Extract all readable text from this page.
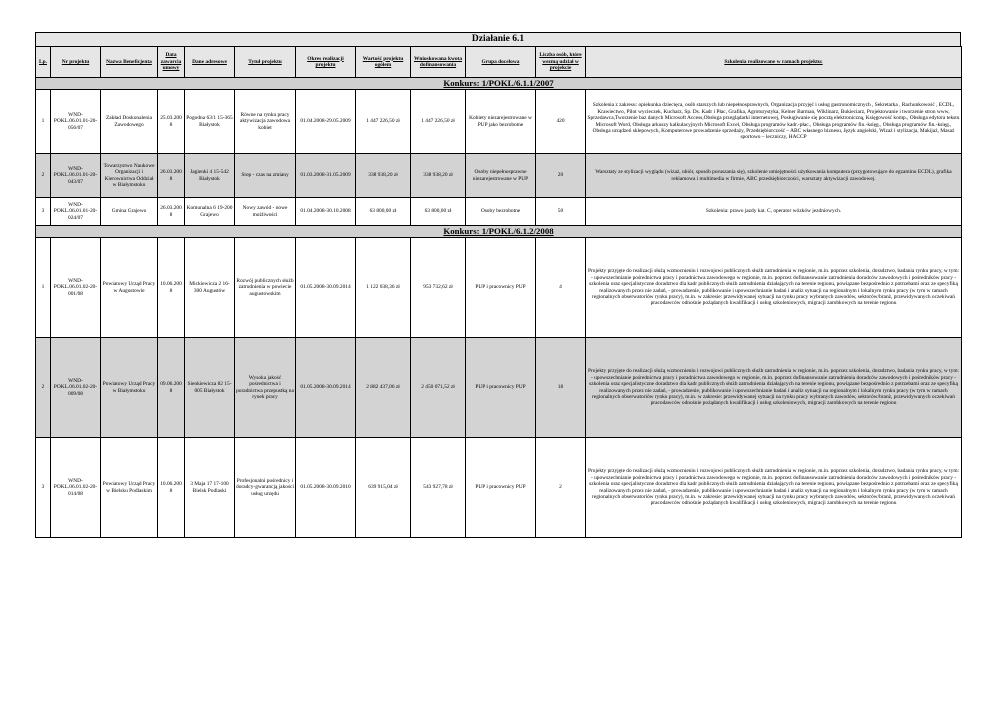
Działanie 6.1
Lp.	Nr projektu	Nazwa Beneficjenta	Data zawarcia umowy	Dane adresowe	Tytuł projektu	Okres realizacji projektu	Wartość projektu ogółem	Wnioskowana kwota dofinansowania	Grupa docelowa	Liczba osób, które wezmą udział w projekcie	Szkolenia realizowane w ramach projektu:
Konkurs: 1/POKL/6.1.1/2007											
1	WND-POKL.06.01.01-20-056/07	Zakład Doskonalenia Zawodowego	25.03.2008	Pogodna 63/1 15-365 Białystok	Równe na rynku pracy aktywizacja zawodowa kobiet	01.04.2008-29.05.2009	1 447 226,50 zł	1 447 226,50 zł	Kobiety niezarejestrowane w PUP jako bezrobotne	420	Szkolenia z zakresu: opiekunka dziecięca, osób starszych lub niepełnosprawnych, Organizacja przyjęć i usług gastronomicznych , Sekretarka , Rachunkowość , ECDL, Krawiectwo, Pilot wycieczek, Kucharz, Sp. Ds. Kadr i Płac, Grafika, Agroturystyka, Kelner Barman, Wiklinarz, Bukieciarz, Projektowanie i tworzenie stron www, Sprzedawca,Tworzenie baz danych Microsoft Access,Obsługa przeglądarki internetowej, Posługiwanie się pocztą elektroniczną, Księgowość komp., Obsługa edytora tekstu Microsoft Word, Obsługa arkuszy kalkulacyjnych Microsoft Excel, Obsługa programów kadr.-płac., Obsługa programów fin.-księg., Obsługa programów fin.-księg., Obsługa urządzeń sklepowych, Komputerowe prowadzenie sprzedaży, Przedsiębiorczość – ABC własnego biznesu, Język angielski, Wizaż i stylizacja, Makijaż, Masaż sportowo – leczniczy, HACCP
2	WND-POKL.06.01.01-20-043/07	Towarzystwo Naukowe Organizacji i Kierownictwa Oddział w Białymstoku	26.03.2008	Jagienki 4 15-542 Białystok	Stop - czas na zmiany	01.03.2008-31.05.2009	338 938,20 zł	338 938,20 zł	Osoby niepełnosprawne niezarejestrowane w PUP	20	Warsztaty ze stylizacji wyglądu (wizaż, ubiór, sposób poruszania się), szkolenie umiejętności użytkowania komputera (przygotowujące do egzaminu ECDL), grafika reklamowa i multimedia w firmie, ABC przedsiębiorczości, warsztaty aktywizacji zawodowej.
3	WND-POKL.06.01.01-20-024/07	Gmina Grajewo	26.03.2008	Komunalna 6 19-200 Grajewo	Nowy zawód - nowe możliwości	01.04.2008-30.10.2008	63 800,00 zł	63 800,00 zł	Osoby bezrobotne	50	Szkolenia: prawo jazdy kat. C, operator wózków jezdniowych.
Konkurs: 1/POKL/6.1.2/2008											
1	WND-POKL.06.01.02-20-001/08	Powiatowy Urząd Pracy w Augustowie	10.06.2008	Mickiewicza 2 16-300 Augustów	Rozwój publicznych służb zatrudnienia w powiecie augustowskim	01.05.2008-30.09.2014	1 122 038,36 zł	953 732,62 zł	PUP i pracownicy PUP	4	Projekty przyjęte do realizacji służą wzmocnieniu i rozwojowi publicznych służb zatrudnienia w regionie, m.in. poprzez szkolenia, doradztwo, badania rynku pracy, w tym: - upowszechnianie pośrednictwa pracy i poradnictwa zawodowego w regionie, m.in. poprzez dofinansowanie zatrudnienia doradców zawodowych i pośredników pracy - szkolenia oraz specjalistyczne doradztwo dla kadr publicznych służb zatrudnienia działających na terenie regionu, powiązane bezpośrednio z potrzebami oraz ze specyfiką realizowanych przez nie zadań, - prowadzenie, publikowanie i upowszechnianie badań i analiz sytuacji na regionalnym i lokalnym rynku pracy (w tym w ramach regionalnych obserwatoriów rynku pracy), m.in. w zakresie: przewidywanej sytuacji na rynku pracy wybranych zawodów, sektorów/branż, przewidywanych oczekiwań pracodawców odnośnie pożądanych kwalifikacji i usług szkoleniowych, migracji zarobkowych na terenie regionu
2	WND-POKL.06.01.02-20-009/08	Powiatowy Urząd Pracy w Białymstoku	09.06.2008	Sienkiewicza 82 15-005 Białystok	Wysoka jakość pośrednictwa i poradnictwa przepustką na rynek pracy	01.05.2008-30.09.2014	2 882 437,06 zł	2 450 071,52 zł	PUP i pracownicy PUP	18	Projekty przyjęte do realizacji służą wzmocnieniu i rozwojowi publicznych służb zatrudnienia w regionie, m.in. poprzez szkolenia, doradztwo, badania rynku pracy, w tym: - upowszechnianie pośrednictwa pracy i poradnictwa zawodowego w regionie, m.in. poprzez dofinansowanie zatrudnienia doradców zawodowych i pośredników pracy - szkolenia oraz specjalistyczne doradztwo dla kadr publicznych służb zatrudnienia działających na terenie regionu, powiązane bezpośrednio z potrzebami oraz ze specyfiką realizowanych przez nie zadań, - prowadzenie, publikowanie i upowszechnianie badań i analiz sytuacji na regionalnym i lokalnym rynku pracy (w tym w ramach regionalnych obserwatoriów rynku pracy), m.in. w zakresie: przewidywanej sytuacji na rynku pracy wybranych zawodów, sektorów/branż, przewidywanych oczekiwań pracodawców odnośnie pożądanych kwalifikacji i usług szkoleniowych, migracji zarobkowych na terenie regionu
3	WND-POKL.06.01.02-20-014/08	Powiatowy Urząd Pracy w Bielsku Podlaskim	10.06.2008	3 Maja 17 17-100 Bielsk Podlaski	Profesjonalni pośrednicy i doradcy-gwarancją jakości usług urzędu	01.05.2008-30.09.2010	639 915,04 zł	543 927,78 zł	PUP i pracownicy PUP	2	Projekty przyjęte do realizacji służą wzmocnieniu i rozwojowi publicznych służb zatrudnienia w regionie, m.in. poprzez szkolenia, doradztwo, badania rynku pracy, w tym: - upowszechnianie pośrednictwa pracy i poradnictwa zawodowego w regionie, m.in. poprzez dofinansowanie zatrudnienia doradców zawodowych i pośredników pracy - szkolenia oraz specjalistyczne doradztwo dla kadr publicznych służb zatrudnienia działających na terenie regionu, powiązane bezpośrednio z potrzebami oraz ze specyfiką realizowanych przez nie zadań, - prowadzenie, publikowanie i upowszechnianie badań i analiz sytuacji na regionalnym i lokalnym rynku pracy (w tym w ramach regionalnych obserwatoriów rynku pracy), m.in. w zakresie: przewidywanej sytuacji na rynku pracy wybranych zawodów, sektorów/branż, przewidywanych oczekiwań pracodawców odnośnie pożądanych kwalifikacji i usług szkoleniowych, migracji zarobkowych na terenie regionu
